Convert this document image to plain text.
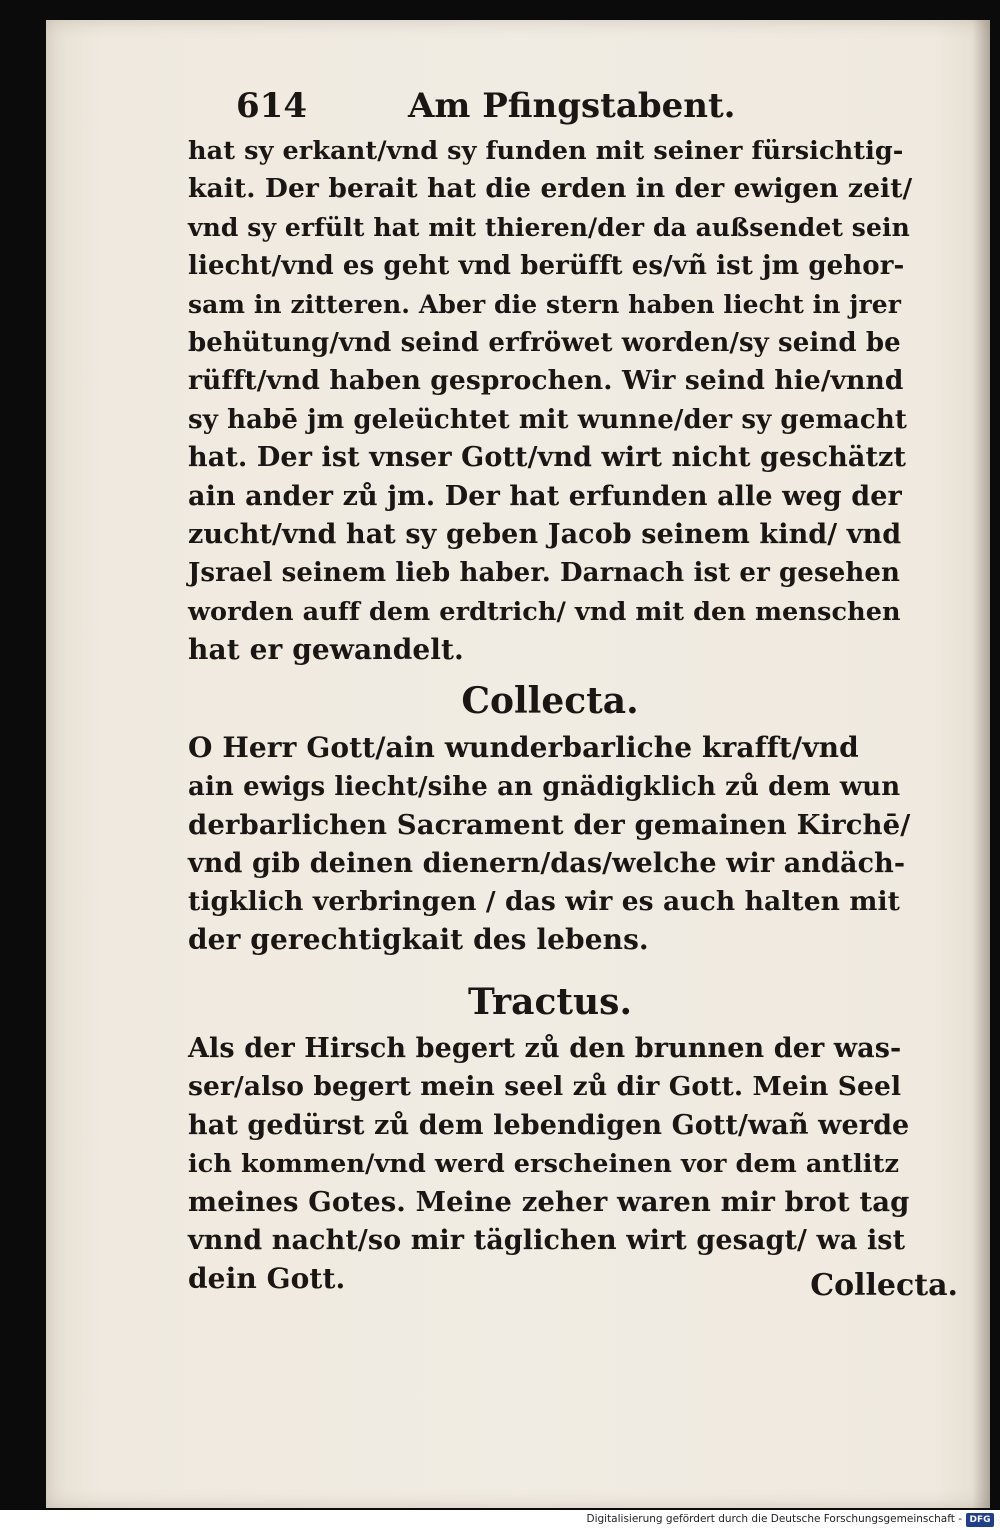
614	Am Pfingstabent.
hat sy erkant/vnd sy funden mit seiner fürsichtig-
kait. Der berait hat die erden in der ewigen zeit/
vnd sy erfült hat mit thieren/der da außsendet sein
liecht/vnd es geht vnd berüfft es/vñ ist jm gehor-
sam in zitteren. Aber die stern haben liecht in jrer
behütung/vnd seind erfröwet worden/sy seind be
rüfft/vnd haben gesprochen. Wir seind hie/vnnd
sy habē jm geleüchtet mit wunne/der sy gemacht
hat. Der ist vnser Gott/vnd wirt nicht geschätzt
ain ander zů jm. Der hat erfunden alle weg der
zucht/vnd hat sy geben Jacob seinem kind/ vnd
Jsrael seinem lieb haber. Darnach ist er gesehen
worden auff dem erdtrich/ vnd mit den menschen
hat er gewandelt.
Collecta.
O Herr Gott/ain wunderbarliche krafft/vnd
ain ewigs liecht/sihe an gnädigklich zů dem wun
derbarlichen Sacrament der gemainen Kirchē/
vnd gib deinen dienern/das/welche wir andäch-
tigklich verbringen / das wir es auch halten mit
der gerechtigkait des lebens.
Tractus.
Als der Hirsch begert zů den brunnen der was-
ser/also begert mein seel zů dir Gott. Mein Seel
hat gedürst zů dem lebendigen Gott/wañ werde
ich kommen/vnd werd erscheinen vor dem antlitz
meines Gotes. Meine zeher waren mir brot tag
vnnd nacht/so mir täglichen wirt gesagt/ wa ist
dein Gott.	Collecta.
Digitalisierung gefördert durch die Deutsche Forschungsgemeinschaft - DFG
